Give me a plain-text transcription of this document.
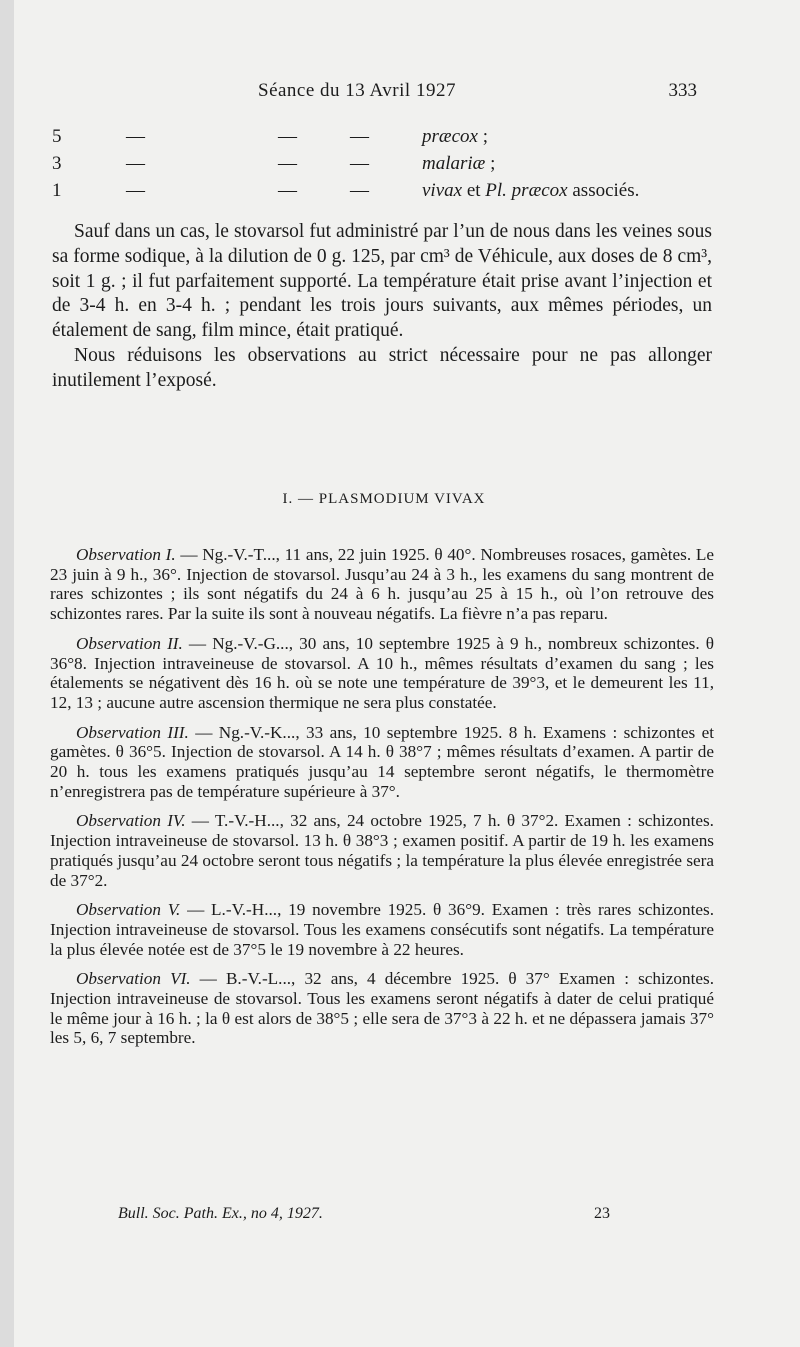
Séance du 13 Avril 1927	333
5	—	—	—	præcox ;
3	—	—	—	malariæ ;
1	—	—	—	vivax et Pl. præcox associés.

Sauf dans un cas, le stovarsol fut administré par l’un de nous dans les veines sous sa forme sodique, à la dilution de 0 g. 125, par cm³ de Véhicule, aux doses de 8 cm³, soit 1 g. ; il fut parfaitement supporté. La température était prise avant l’injection et de 3-4 h. en 3-4 h. ; pendant les trois jours suivants, aux mêmes périodes, un étalement de sang, film mince, était pratiqué.

Nous réduisons les observations au strict nécessaire pour ne pas allonger inutilement l’exposé.

I. — PLASMODIUM VIVAX

Observation I. — Ng.-V.-T..., 11 ans, 22 juin 1925. θ 40°. Nombreuses rosaces, gamètes. Le 23 juin à 9 h., 36°. Injection de stovarsol. Jusqu’au 24 à 3 h., les examens du sang montrent de rares schizontes ; ils sont négatifs du 24 à 6 h. jusqu’au 25 à 15 h., où l’on retrouve des schizontes rares. Par la suite ils sont à nouveau négatifs. La fièvre n’a pas reparu.

Observation II. — Ng.-V.-G..., 30 ans, 10 septembre 1925 à 9 h., nombreux schizontes. θ 36°8. Injection intraveineuse de stovarsol. A 10 h., mêmes résultats d’examen du sang ; les étalements se négativent dès 16 h. où se note une température de 39°3, et le demeurent les 11, 12, 13 ; aucune autre ascension thermique ne sera plus constatée.

Observation III. — Ng.-V.-K..., 33 ans, 10 septembre 1925. 8 h. Examens : schizontes et gamètes. θ 36°5. Injection de stovarsol. A 14 h. θ 38°7 ; mêmes résultats d’examen. A partir de 20 h. tous les examens pratiqués jusqu’au 14 septembre seront négatifs, le thermomètre n’enregistrera pas de température supérieure à 37°.

Observation IV. — T.-V.-H..., 32 ans, 24 octobre 1925, 7 h. θ 37°2. Examen : schizontes. Injection intraveineuse de stovarsol. 13 h. θ 38°3 ; examen positif. A partir de 19 h. les examens pratiqués jusqu’au 24 octobre seront tous négatifs ; la température la plus élevée enregistrée sera de 37°2.

Observation V. — L.-V.-H..., 19 novembre 1925. θ 36°9. Examen : très rares schizontes. Injection intraveineuse de stovarsol. Tous les examens consécutifs sont négatifs. La température la plus élevée notée est de 37°5 le 19 novembre à 22 heures.

Observation VI. — B.-V.-L..., 32 ans, 4 décembre 1925. θ 37° Examen : schizontes. Injection intraveineuse de stovarsol. Tous les examens seront négatifs à dater de celui pratiqué le même jour à 16 h. ; la θ est alors de 38°5 ; elle sera de 37°3 à 22 h. et ne dépassera jamais 37° les 5, 6, 7 septembre.

Bull. Soc. Path. Ex., no 4, 1927.	23
